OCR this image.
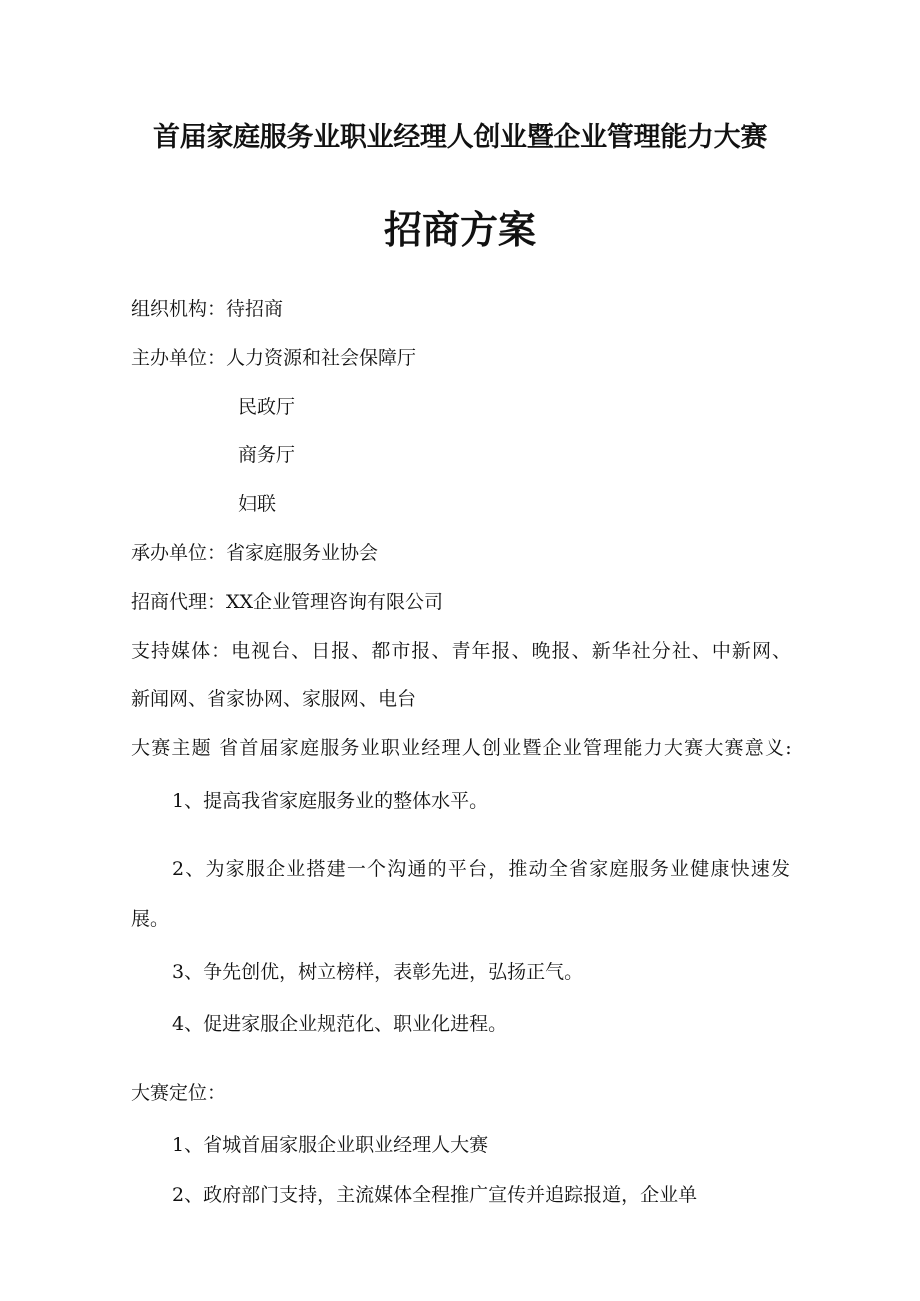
首届家庭服务业职业经理人创业暨企业管理能力大赛
招商方案

组织机构：待招商

主办单位：人力资源和社会保障厅

民政厅

商务厅

妇联

承办单位：省家庭服务业协会

招商代理：XX企业管理咨询有限公司

支持媒体：电视台、日报、都市报、青年报、晚报、新华社分社、中新网、

新闻网、省家协网、家服网、电台

大赛主题 省首届家庭服务业职业经理人创业暨企业管理能力大赛大赛意义:

1、提高我省家庭服务业的整体水平。

2、为家服企业搭建一个沟通的平台，推动全省家庭服务业健康快速发

展。

3、争先创优，树立榜样，表彰先进，弘扬正气。

4、促进家服企业规范化、职业化进程。

大赛定位：

1、省城首届家服企业职业经理人大赛

2、政府部门支持，主流媒体全程推广宣传并追踪报道，企业单
